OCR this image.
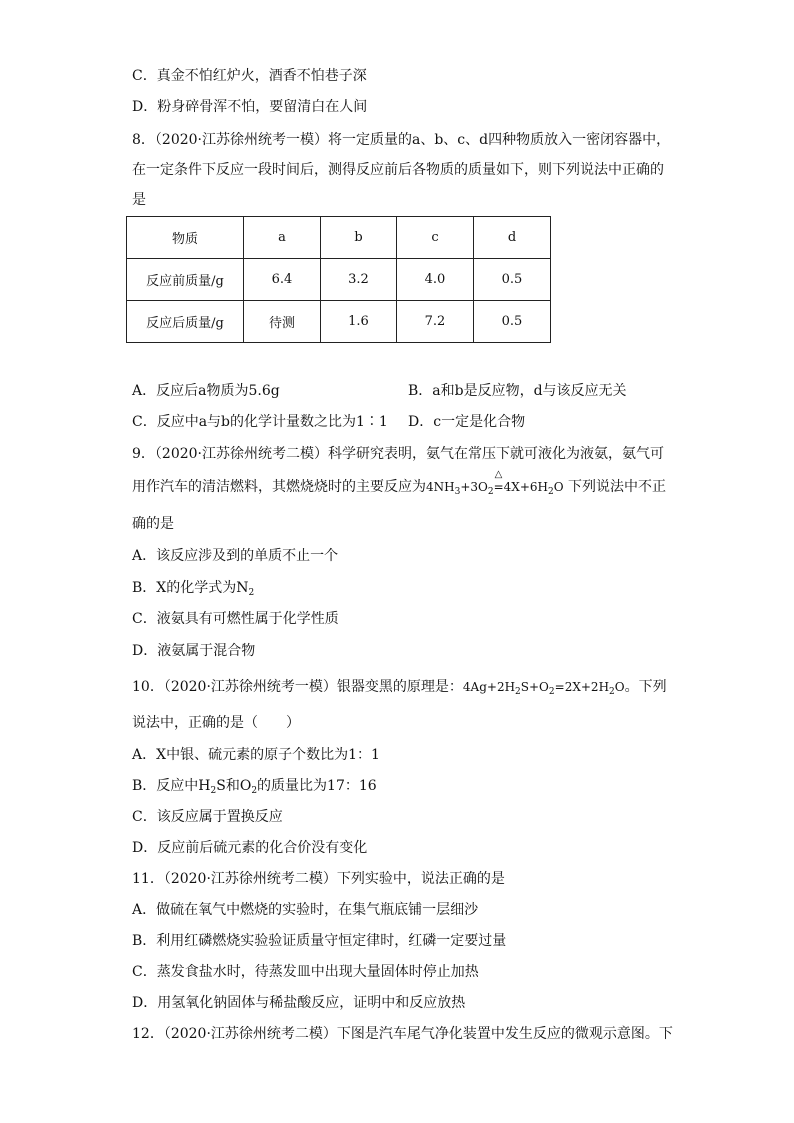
C．真金不怕红炉火，酒香不怕巷子深
D．粉身碎骨浑不怕，要留清白在人间
8．（2020·江苏徐州统考一模）将一定质量的a、b、c、d四种物质放入一密闭容器中，
在一定条件下反应一段时间后，测得反应前后各物质的质量如下，则下列说法中正确的
是
物质	a	b	c	d
反应前质量/g	6.4	3.2	4.0	0.5
反应后质量/g	待测	1.6	7.2	0.5
A．反应后a物质为5.6g	B．a和b是反应物，d与该反应无关
C．反应中a与b的化学计量数之比为1∶1 D．c一定是化合物
9．（2020·江苏徐州统考二模）科学研究表明，氨气在常压下就可液化为液氨，氨气可
用作汽车的清洁燃料，其燃烧烧时的主要反应为$4NH_3+3O_2$
△
$=4X+6H_2O$ 下列说法中不正
确的是
A．该反应涉及到的单质不止一个
B．X的化学式为$N_2$
C．液氨具有可燃性属于化学性质
D．液氨属于混合物
10．（2020·江苏徐州统考一模）银器变黑的原理是：$4Ag+2H_2S+O_2=2X+2H_2O$。下列
说法中，正确的是（　　）
A．X中银、硫元素的原子个数比为1：1
B．反应中$H_2S$和$O_2$的质量比为17：16
C．该反应属于置换反应
D．反应前后硫元素的化合价没有变化
11．（2020·江苏徐州统考二模）下列实验中，说法正确的是
A．做硫在氧气中燃烧的实验时，在集气瓶底铺一层细沙
B．利用红磷燃烧实验验证质量守恒定律时，红磷一定要过量
C．蒸发食盐水时，待蒸发皿中出现大量固体时停止加热
D．用氢氧化钠固体与稀盐酸反应，证明中和反应放热
12．（2020·江苏徐州统考二模）下图是汽车尾气净化装置中发生反应的微观示意图。下
